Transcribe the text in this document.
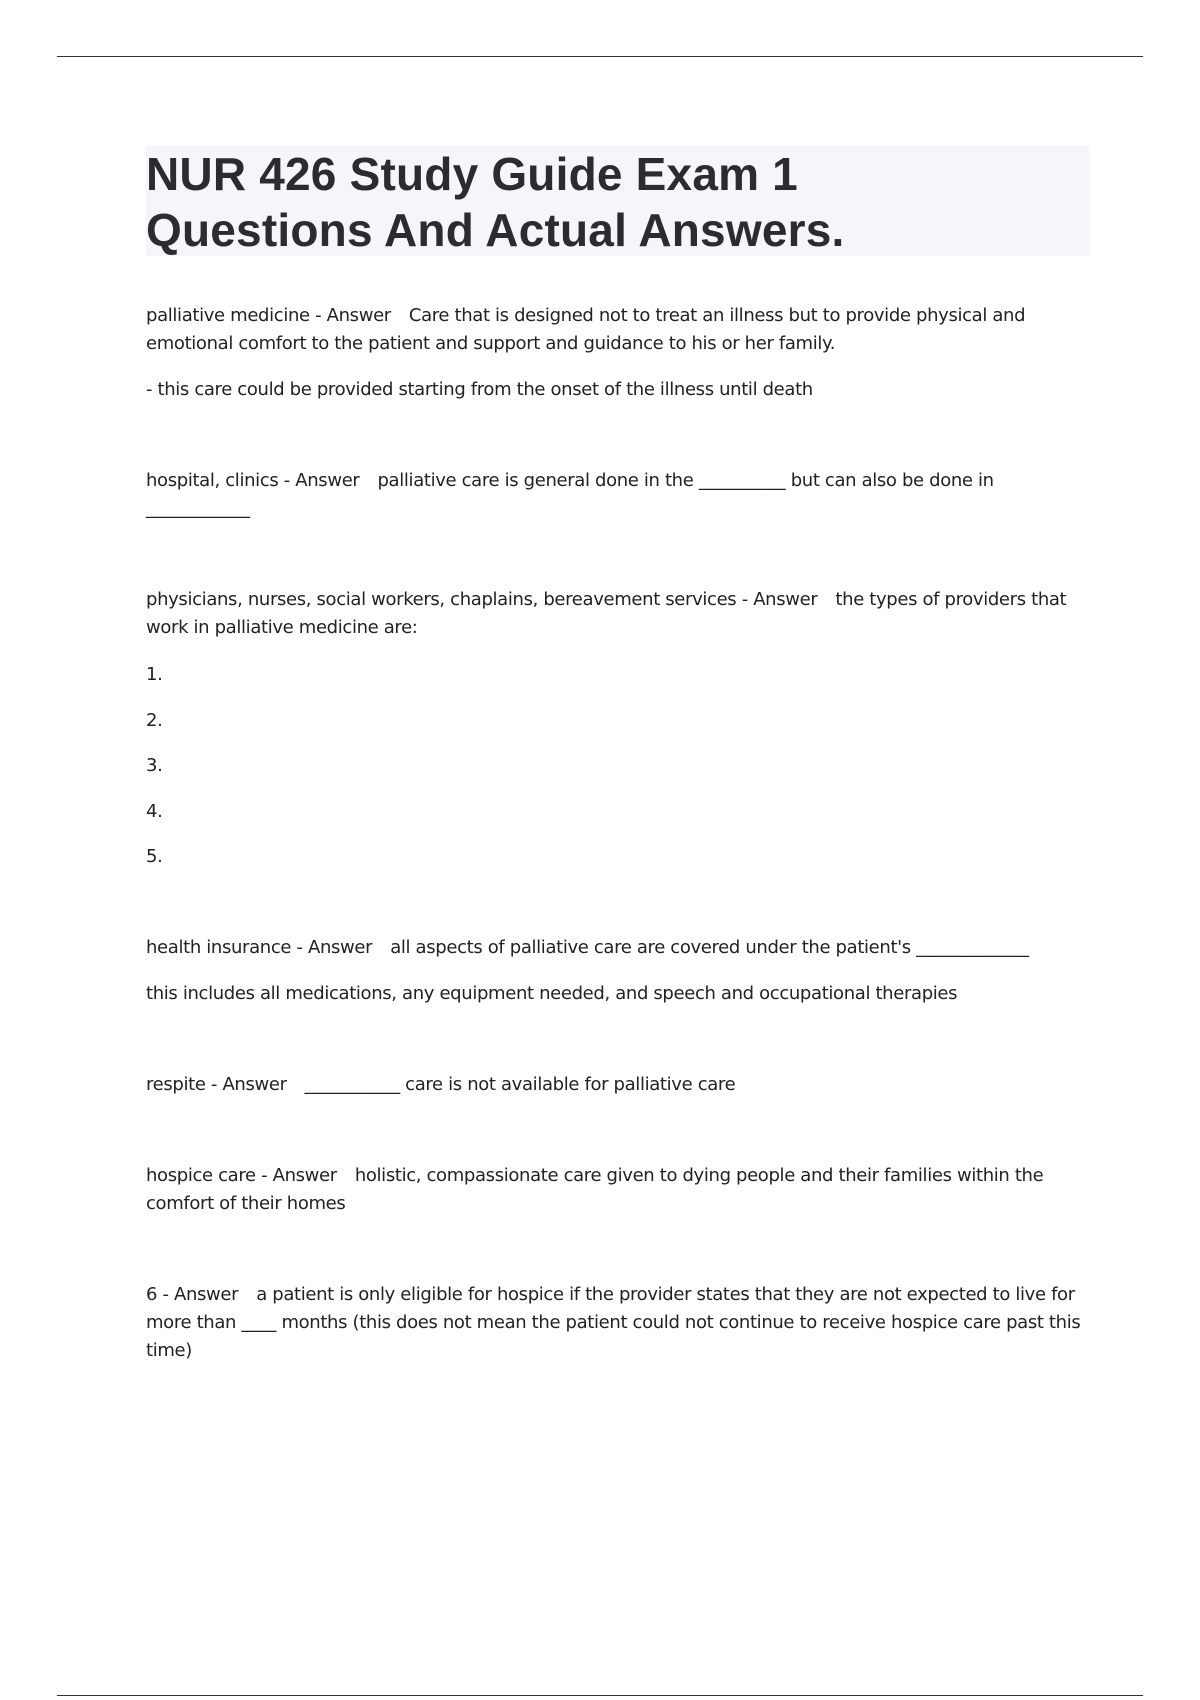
NUR 426 Study Guide Exam 1
Questions And Actual Answers.

palliative medicine - Answer Care that is designed not to treat an illness but to provide physical and emotional comfort to the patient and support and guidance to his or her family.

- this care could be provided starting from the onset of the illness until death

hospital, clinics - Answer palliative care is general done in the __________ but can also be done in ____________

physicians, nurses, social workers, chaplains, bereavement services - Answer the types of providers that work in palliative medicine are:

1.

2.

3.

4.

5.

health insurance - Answer all aspects of palliative care are covered under the patient's _____________

this includes all medications, any equipment needed, and speech and occupational therapies

respite - Answer ___________ care is not available for palliative care

hospice care - Answer holistic, compassionate care given to dying people and their families within the comfort of their homes

6 - Answer a patient is only eligible for hospice if the provider states that they are not expected to live for more than ____ months (this does not mean the patient could not continue to receive hospice care past this time)
